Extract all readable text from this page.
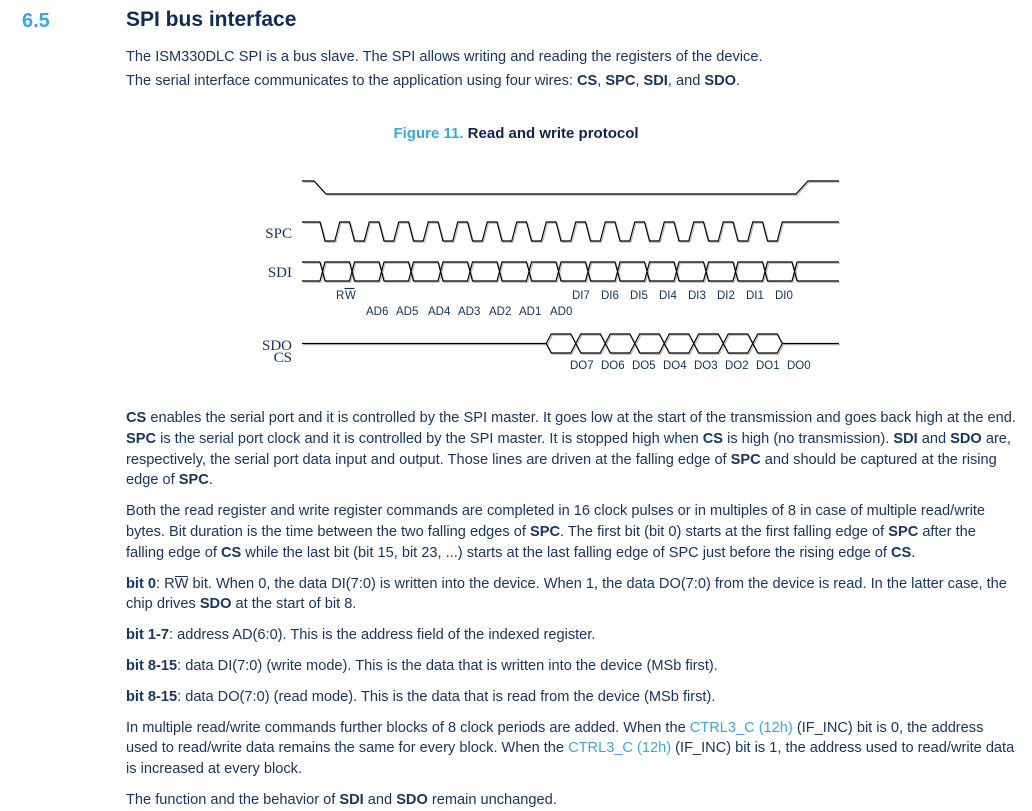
6.5	SPI bus interface

The ISM330DLC SPI is a bus slave. The SPI allows writing and reading the registers of the device.

The serial interface communicates to the application using four wires: CS, SPC, SDI, and SDO.

Figure 11. Read and write protocol
CS
SPC
SDI
SDO
R W
AD6 AD5 AD4 AD3 AD2 AD1 AD0
DI7 DI6 DI5 DI4 DI3 DI2 DI1 DI0
DO7 DO6 DO5 DO4 DO3 DO2 DO1 DO0

CS enables the serial port and it is controlled by the SPI master. It goes low at the start of the transmission and goes back high at the end. SPC is the serial port clock and it is controlled by the SPI master. It is stopped high when CS is high (no transmission). SDI and SDO are, respectively, the serial port data input and output. Those lines are driven at the falling edge of SPC and should be captured at the rising edge of SPC.

Both the read register and write register commands are completed in 16 clock pulses or in multiples of 8 in case of multiple read/write bytes. Bit duration is the time between the two falling edges of SPC. The first bit (bit 0) starts at the first falling edge of SPC after the falling edge of CS while the last bit (bit 15, bit 23, ...) starts at the last falling edge of SPC just before the rising edge of CS.

bit 0: RW bit. When 0, the data DI(7:0) is written into the device. When 1, the data DO(7:0) from the device is read. In the latter case, the chip drives SDO at the start of bit 8.

bit 1-7: address AD(6:0). This is the address field of the indexed register.

bit 8-15: data DI(7:0) (write mode). This is the data that is written into the device (MSb first).

bit 8-15: data DO(7:0) (read mode). This is the data that is read from the device (MSb first).

In multiple read/write commands further blocks of 8 clock periods are added. When the CTRL3_C (12h) (IF_INC) bit is 0, the address used to read/write data remains the same for every block. When the CTRL3_C (12h) (IF_INC) bit is 1, the address used to read/write data is increased at every block.

The function and the behavior of SDI and SDO remain unchanged.
